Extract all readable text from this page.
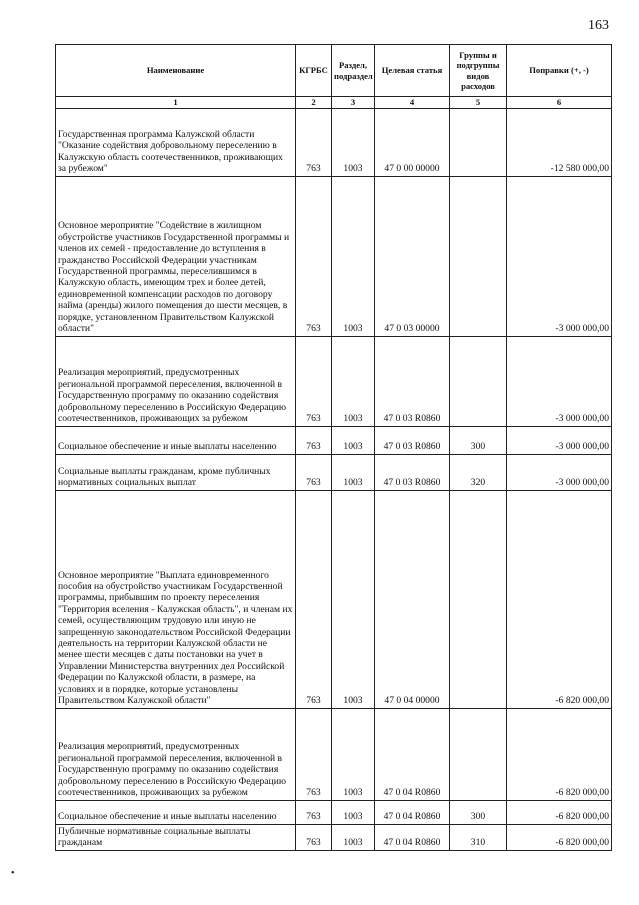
163
Наименование	КГРБС	Раздел, подраздел	Целевая статья	Группы и подгруппы видов расходов	Поправки (+, -)
1	2	3	4	5	6
Государственная программа Калужской области "Оказание содействия добровольному переселению в Калужскую область соотечественников, проживающих за рубежом"	763	1003	47 0 00 00000		-12 580 000,00
Основное мероприятие "Содействие в жилищном обустройстве участников Государственной программы и членов их семей - предоставление до вступления в гражданство Российской Федерации участникам Государственной программы, переселившимся в Калужскую область, имеющим трех и более детей, единовременной компенсации расходов по договору найма (аренды) жилого помещения до шести месяцев, в порядке, установленном Правительством Калужской области"	763	1003	47 0 03 00000		-3 000 000,00
Реализация мероприятий, предусмотренных региональной программой переселения, включенной в Государственную программу по оказанию содействия добровольному переселению в Российскую Федерацию соотечественников, проживающих за рубежом	763	1003	47 0 03 R0860		-3 000 000,00
Социальное обеспечение и иные выплаты населению	763	1003	47 0 03 R0860	300	-3 000 000,00
Социальные выплаты гражданам, кроме публичных нормативных социальных выплат	763	1003	47 0 03 R0860	320	-3 000 000,00
Основное мероприятие "Выплата единовременного пособия на обустройство участникам Государственной программы, прибывшим по проекту переселения "Территория вселения - Калужская область", и членам их семей, осуществляющим трудовую или иную не запрещенную законодательством Российской Федерации деятельность на территории Калужской области не менее шести месяцев с даты постановки на учет в Управлении Министерства внутренних дел Российской Федерации по Калужской области, в размере, на условиях и в порядке, которые установлены Правительством Калужской области"	763	1003	47 0 04 00000		-6 820 000,00
Реализация мероприятий, предусмотренных региональной программой переселения, включенной в Государственную программу по оказанию содействия добровольному переселению в Российскую Федерацию соотечественников, проживающих за рубежом	763	1003	47 0 04 R0860		-6 820 000,00
Социальное обеспечение и иные выплаты населению	763	1003	47 0 04 R0860	300	-6 820 000,00
Публичные нормативные социальные выплаты гражданам	763	1003	47 0 04 R0860	310	-6 820 000,00
•
